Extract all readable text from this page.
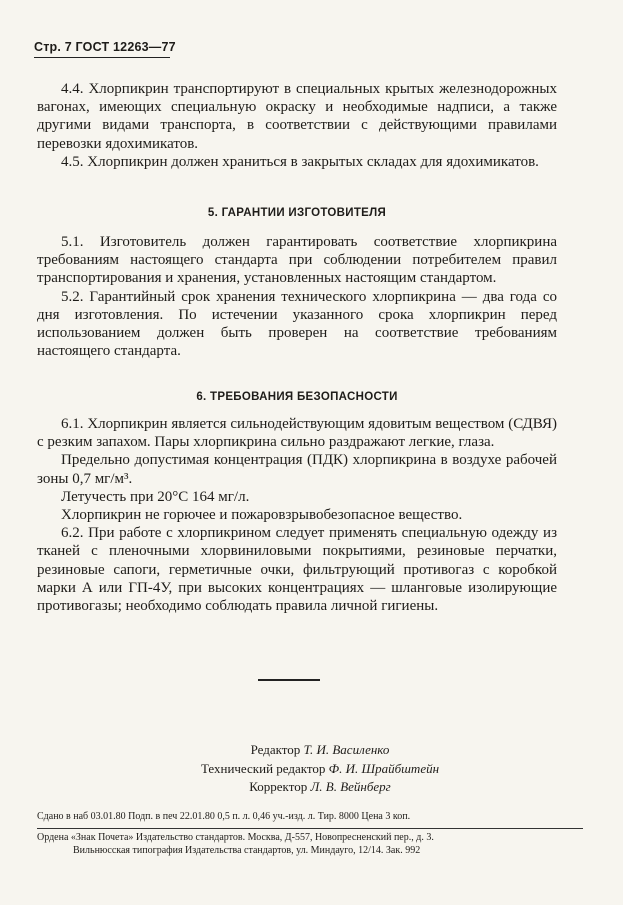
Стр. 7 ГОСТ 12263—77

4.4. Хлорпикрин транспортируют в специальных крытых железнодорожных вагонах, имеющих специальную окраску и необходимые надписи, а также другими видами транспорта, в соответствии с действующими правилами перевозки ядохимикатов.

4.5. Хлорпикрин должен храниться в закрытых складах для ядохимикатов.

5. ГАРАНТИИ ИЗГОТОВИТЕЛЯ

5.1. Изготовитель должен гарантировать соответствие хлорпикрина требованиям настоящего стандарта при соблюдении потребителем правил транспортирования и хранения, установленных настоящим стандартом.

5.2. Гарантийный срок хранения технического хлорпикрина — два года со дня изготовления. По истечении указанного срока хлорпикрин перед использованием должен быть проверен на соответствие требованиям настоящего стандарта.

6. ТРЕБОВАНИЯ БЕЗОПАСНОСТИ

6.1. Хлорпикрин является сильнодействующим ядовитым веществом (СДВЯ) с резким запахом. Пары хлорпикрина сильно раздражают легкие, глаза.

Предельно допустимая концентрация (ПДК) хлорпикрина в воздухе рабочей зоны 0,7 мг/м³.

Летучесть при 20°С 164 мг/л.

Хлорпикрин не горючее и пожаровзрывобезопасное вещество.

6.2. При работе с хлорпикрином следует применять специальную одежду из тканей с пленочными хлорвиниловыми покрытиями, резиновые перчатки, резиновые сапоги, герметичные очки, фильтрующий противогаз с коробкой марки А или ГП-4У, при высоких концентрациях — шланговые изолирующие противогазы; необходимо соблюдать правила личной гигиены.

Редактор Т. И. Василенко
Технический редактор Ф. И. Шрайбштейн
Корректор Л. В. Вейнберг
Сдано в наб 03.01.80 Подп. в печ 22.01.80 0,5 п. л. 0,46 уч.-изд. л. Тир. 8000 Цена 3 коп.
Ордена «Знак Почета» Издательство стандартов. Москва, Д-557, Новопресненский пер., д. 3.
Вильнюсская типография Издательства стандартов, ул. Миндауго, 12/14. Зак. 992
